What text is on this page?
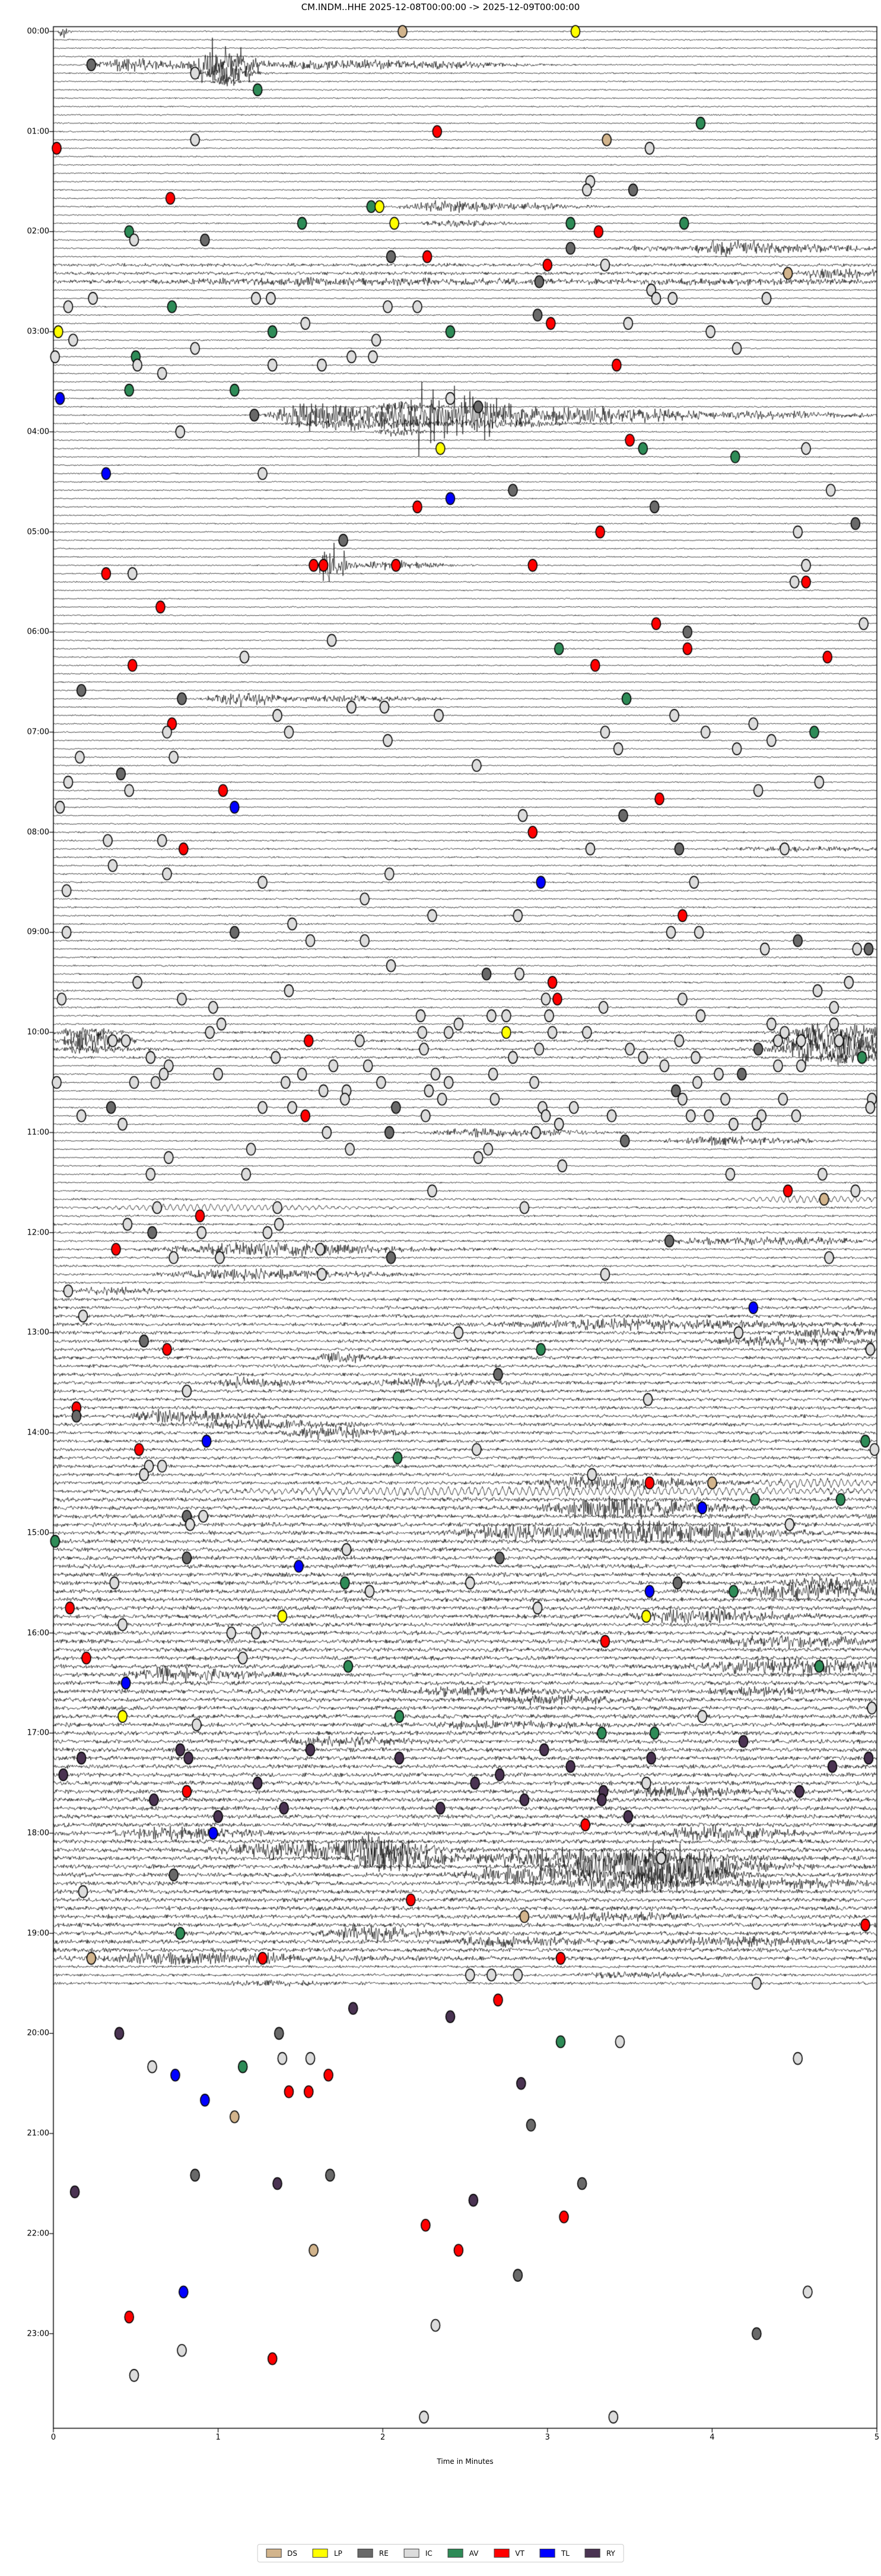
00:00
01:00
02:00
03:00
04:00
05:00
06:00
07:00
08:00
09:00
10:00
11:00
12:00
13:00
14:00
15:00
16:00
17:00
18:00
19:00
20:00
21:00
22:00
23:00
0	1	2	3	4	5
Time in Minutes
DS	LP	RE	IC	AV	VT	TL	RY
